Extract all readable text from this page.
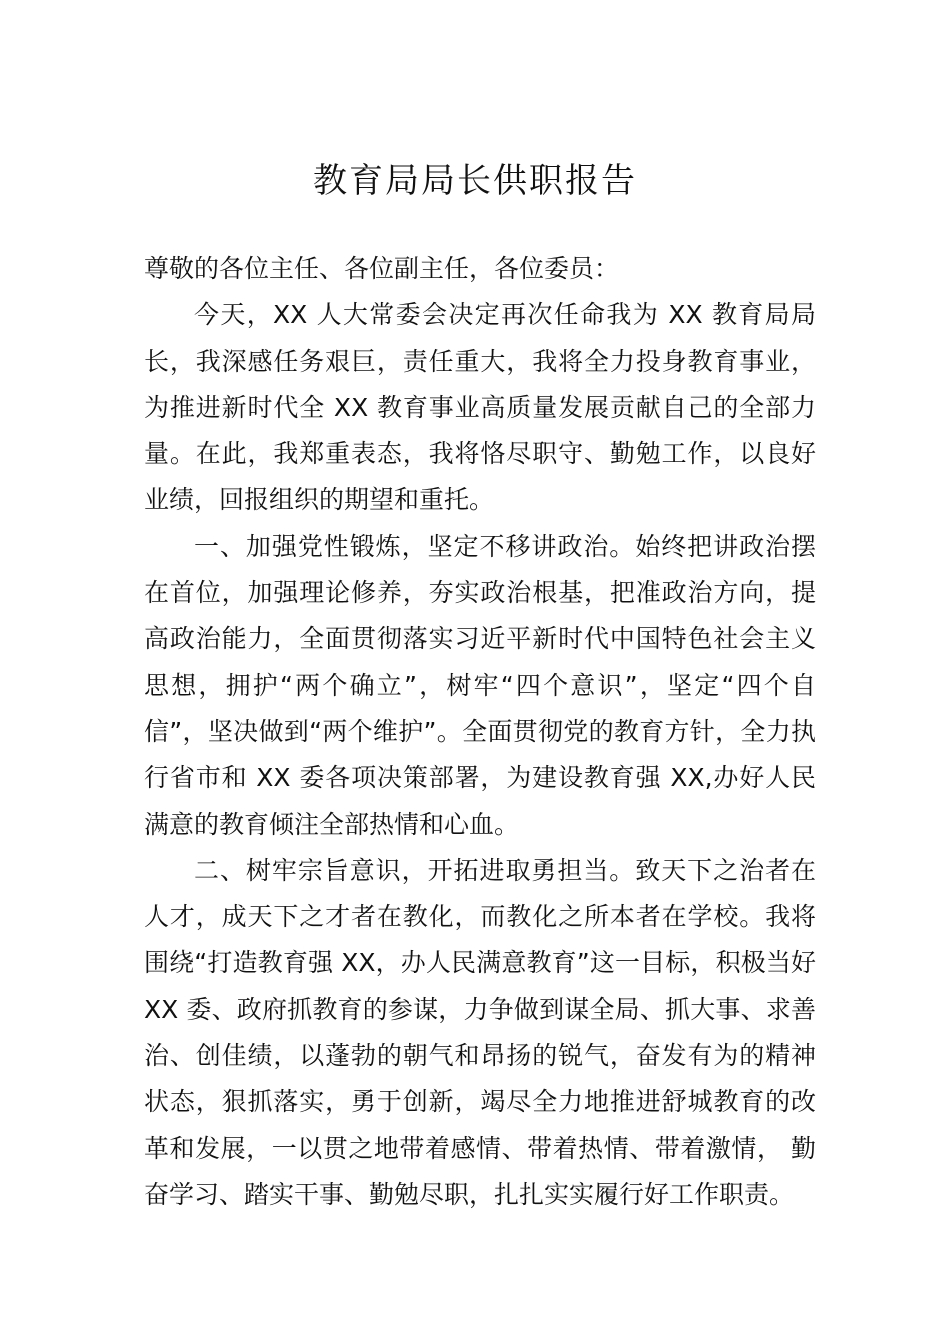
教育局局长供职报告

尊敬的各位主任、各位副主任，各位委员：

今天，XX 人大常委会决定再次任命我为 XX 教育局局长，我深感任务艰巨，责任重大，我将全力投身教育事业， 为推进新时代全 XX 教育事业高质量发展贡献自己的全部力量。在此，我郑重表态，我将恪尽职守、勤勉工作，以良好业绩，回报组织的期望和重托。

一、加强党性锻炼，坚定不移讲政治。始终把讲政治摆在首位，加强理论修养，夯实政治根基，把准政治方向，提高政治能力，全面贯彻落实习近平新时代中国特色社会主义思想，拥护“两个确立”，树牢“四个意识”，坚定“四个自信”，坚决做到“两个维护”。全面贯彻党的教育方针，全力执行省市和 XX 委各项决策部署，为建设教育强 XX,办好人民满意的教育倾注全部热情和心血。

二、树牢宗旨意识，开拓进取勇担当。致天下之治者在人才，成天下之才者在教化，而教化之所本者在学校。我将围绕“打造教育强 XX，办人民满意教育”这一目标，积极当好 XX 委、政府抓教育的参谋，力争做到谋全局、抓大事、求善治、创佳绩，以蓬勃的朝气和昂扬的锐气，奋发有为的精神状态，狠抓落实，勇于创新，竭尽全力地推进舒城教育的改革和发展，一以贯之地带着感情、带着热情、带着激情， 勤奋学习、踏实干事、勤勉尽职，扎扎实实履行好工作职责。
